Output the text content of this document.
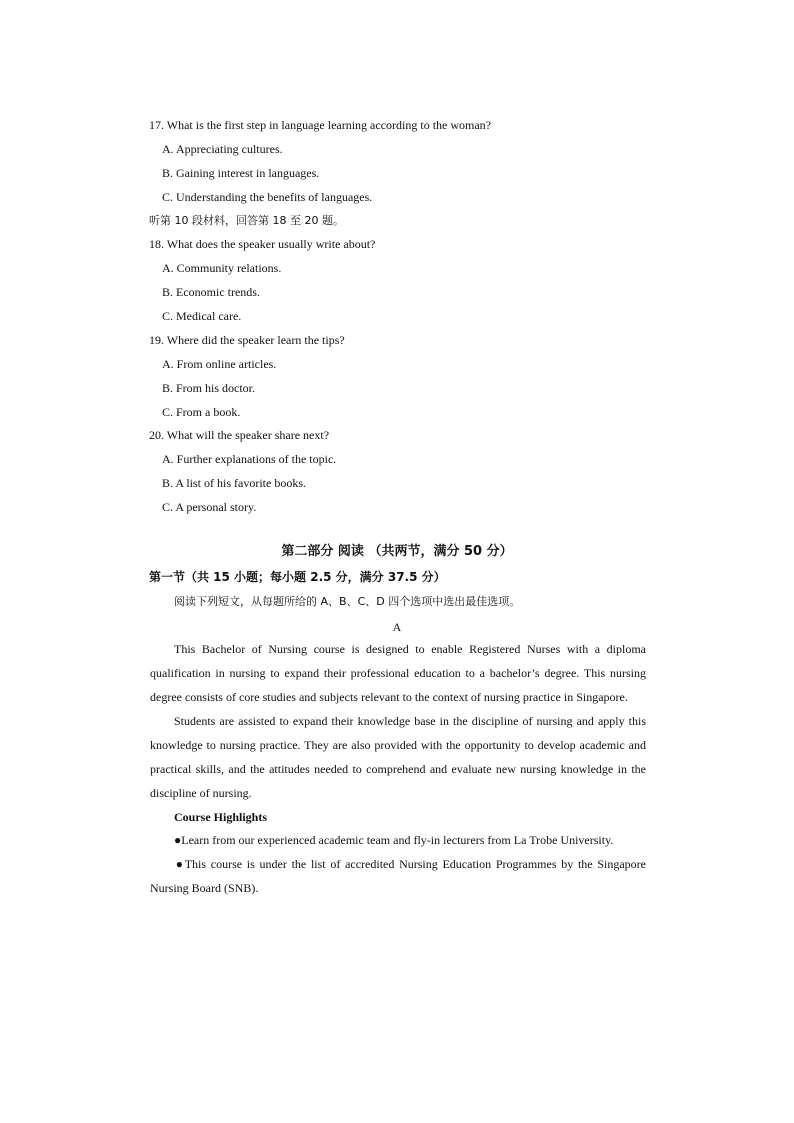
17. What is the first step in language learning according to the woman?
A. Appreciating cultures.
B. Gaining interest in languages.
C. Understanding the benefits of languages.
听第 10 段材料，回答第 18 至 20 题。
18. What does the speaker usually write about?
A. Community relations.
B. Economic trends.
C. Medical care.
19. Where did the speaker learn the tips?
A. From online articles.
B. From his doctor.
C. From a book.
20. What will the speaker share next?
A. Further explanations of the topic.
B. A list of his favorite books.
C. A personal story.
第二部分 阅读 （共两节，满分 50 分）
第一节（共 15 小题；每小题 2.5 分，满分 37.5 分）
阅读下列短文，从每题所给的 A、B、C、D 四个选项中选出最佳选项。
A
This Bachelor of Nursing course is designed to enable Registered Nurses with a diploma qualification in nursing to expand their professional education to a bachelor’s degree. This nursing degree consists of core studies and subjects relevant to the context of nursing practice in Singapore.
Students are assisted to expand their knowledge base in the discipline of nursing and apply this knowledge to nursing practice. They are also provided with the opportunity to develop academic and practical skills, and the attitudes needed to comprehend and evaluate new nursing knowledge in the discipline of nursing.
Course Highlights
●Learn from our experienced academic team and fly-in lecturers from La Trobe University.
●This course is under the list of accredited Nursing Education Programmes by the Singapore Nursing Board (SNB).
